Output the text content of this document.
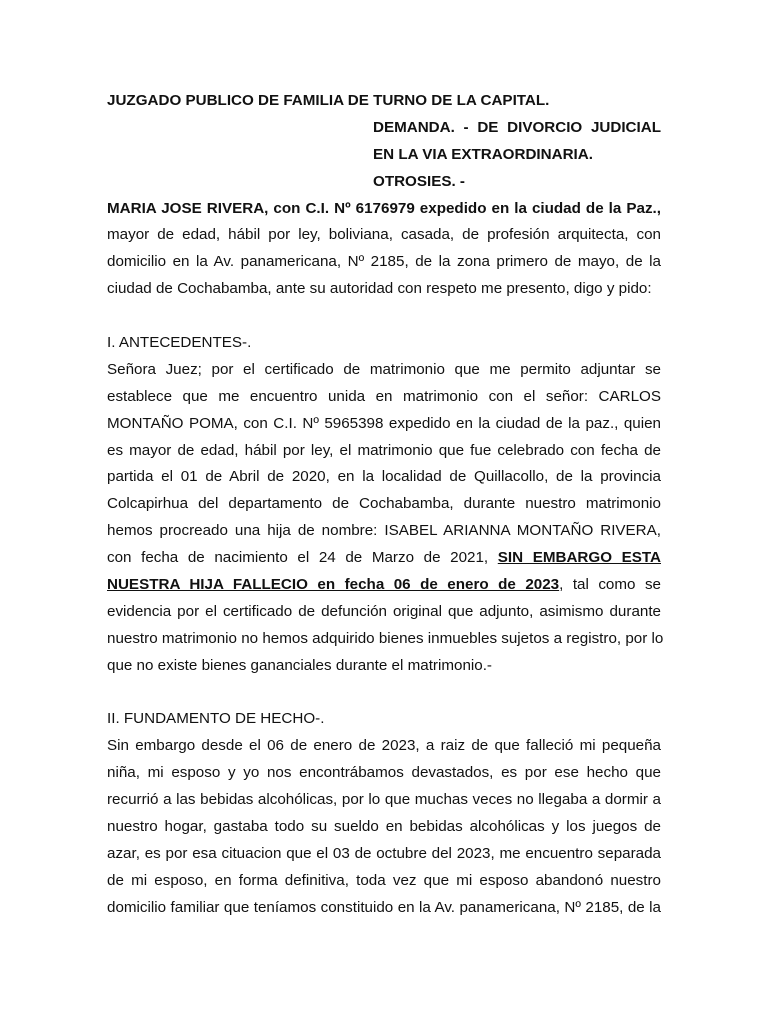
JUZGADO PUBLICO DE FAMILIA DE TURNO DE LA CAPITAL.
DEMANDA. - DE DIVORCIO JUDICIAL
EN LA VIA EXTRAORDINARIA.
OTROSIES. -
MARIA JOSE RIVERA, con C.I. Nº 6176979 expedido en la ciudad de la Paz.,
mayor de edad, hábil por ley, boliviana, casada, de profesión arquitecta, con
domicilio en la Av. panamericana, Nº 2185, de la zona primero de mayo, de la
ciudad de Cochabamba, ante su autoridad con respeto me presento, digo y pido:
I. ANTECEDENTES-.
Señora Juez; por el certificado de matrimonio que me permito adjuntar se
establece que me encuentro unida en matrimonio con el señor: CARLOS
MONTAÑO POMA, con C.I. Nº 5965398 expedido en la ciudad de la paz., quien
es mayor de edad, hábil por ley, el matrimonio que fue celebrado con fecha de
partida el 01 de Abril de 2020, en la localidad de Quillacollo, de la provincia
Colcapirhua del departamento de Cochabamba, durante nuestro matrimonio
hemos procreado una hija de nombre: ISABEL ARIANNA MONTAÑO RIVERA,
con fecha de nacimiento el 24 de Marzo de 2021, SIN EMBARGO ESTA
NUESTRA HIJA FALLECIO en fecha 06 de enero de 2023, tal como se
evidencia por el certificado de defunción original que adjunto, asimismo durante
nuestro matrimonio no hemos adquirido bienes inmuebles sujetos a registro, por lo
que no existe bienes gananciales durante el matrimonio.-
II. FUNDAMENTO DE HECHO-.
Sin embargo desde el 06 de enero de 2023, a raiz de que falleció mi pequeña
niña, mi esposo y yo nos encontrábamos devastados, es por ese hecho que
recurrió a las bebidas alcohólicas, por lo que muchas veces no llegaba a dormir a
nuestro hogar, gastaba todo su sueldo en bebidas alcohólicas y los juegos de
azar, es por esa cituacion que el 03 de octubre del 2023, me encuentro separada
de mi esposo, en forma definitiva, toda vez que mi esposo abandonó nuestro
domicilio familiar que teníamos constituido en la Av. panamericana, Nº 2185, de la
